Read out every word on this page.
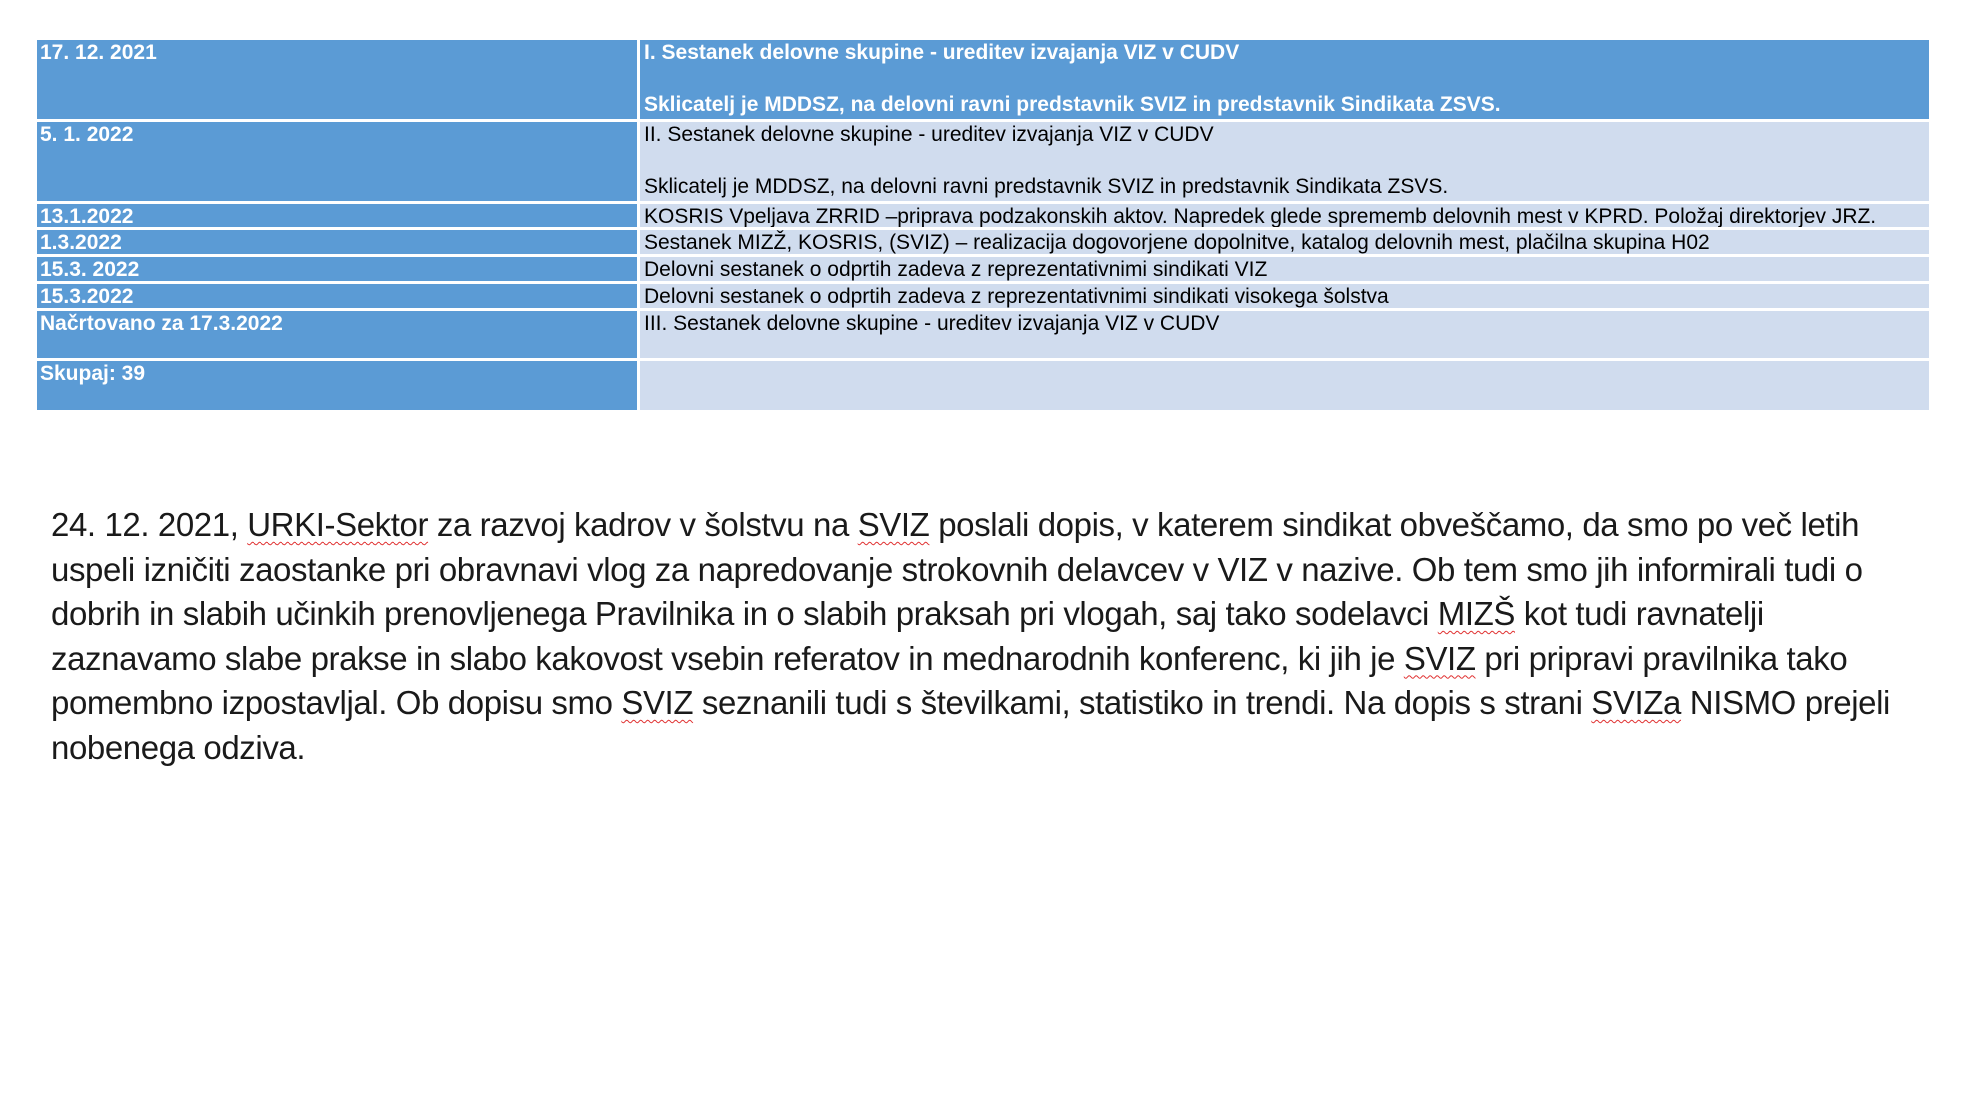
17. 12. 2021	I. Sestanek delovne skupine - ureditev izvajanja VIZ v CUDV
Sklicatelj je MDDSZ, na delovni ravni predstavnik SVIZ in predstavnik Sindikata ZSVS.
5. 1. 2022	II. Sestanek delovne skupine - ureditev izvajanja VIZ v CUDV
Sklicatelj je MDDSZ, na delovni ravni predstavnik SVIZ in predstavnik Sindikata ZSVS.
13.1.2022	KOSRIS Vpeljava ZRRID –priprava podzakonskih aktov. Napredek glede sprememb delovnih mest v KPRD. Položaj direktorjev JRZ.
1.3.2022	Sestanek MIZŽ, KOSRIS, (SVIZ) – realizacija dogovorjene dopolnitve, katalog delovnih mest, plačilna skupina H02
15.3. 2022	Delovni sestanek o odprtih zadeva z reprezentativnimi sindikati VIZ
15.3.2022	Delovni sestanek o odprtih zadeva z reprezentativnimi sindikati visokega šolstva
Načrtovano za 17.3.2022	III. Sestanek delovne skupine - ureditev izvajanja VIZ v CUDV
Skupaj: 39
24. 12. 2021, URKI-Sektor za razvoj kadrov v šolstvu na SVIZ poslali dopis, v katerem sindikat obveščamo, da smo po več letih uspeli izničiti zaostanke pri obravnavi vlog za napredovanje strokovnih delavcev v VIZ v nazive. Ob tem smo jih informirali tudi o dobrih in slabih učinkih prenovljenega Pravilnika in o slabih praksah pri vlogah, saj tako sodelavci MIZŠ kot tudi ravnatelji zaznavamo slabe prakse in slabo kakovost vsebin referatov in mednarodnih konferenc, ki jih je SVIZ pri pripravi pravilnika tako pomembno izpostavljal. Ob dopisu smo SVIZ seznanili tudi s številkami, statistiko in trendi. Na dopis s strani SVIZa NISMO prejeli nobenega odziva.
